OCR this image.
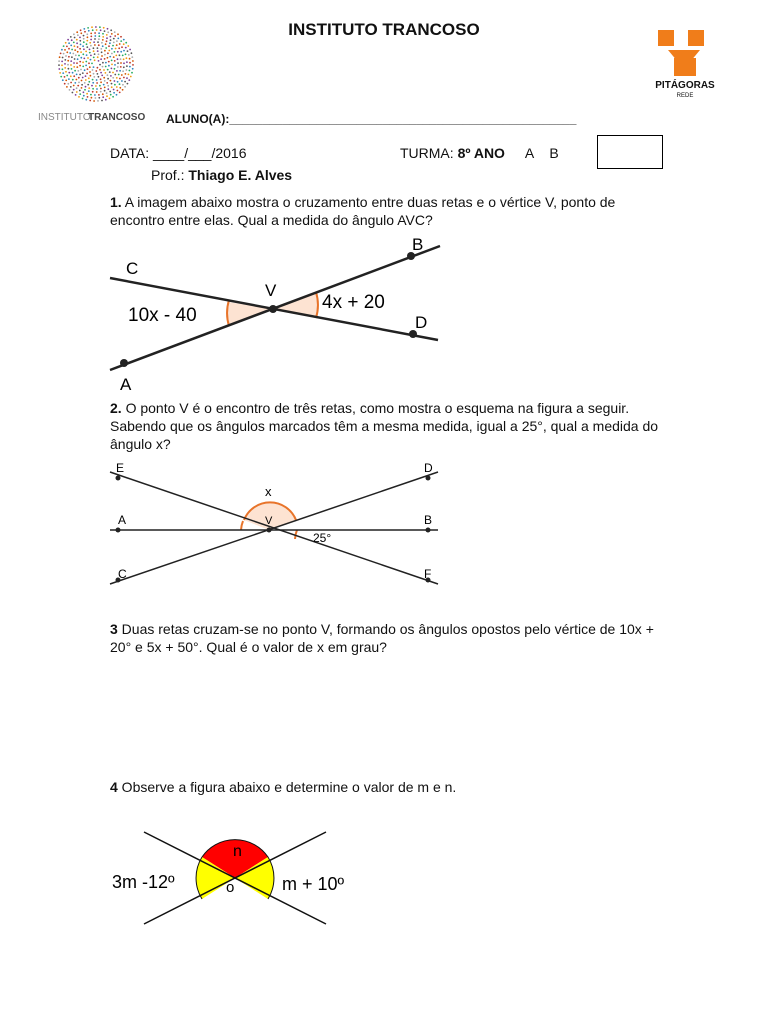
INSTITUTO TRANCOSO
INSTITUTO
TRANCOSO
PITÁGORAS
REDE
ALUNO(A):____________________________________________________
DATA: ____/___/2016	TURMA: 8º ANO A B
Prof.: Thiago E. Alves
1. A imagem abaixo mostra o cruzamento entre duas retas e o vértice V, ponto de encontro entre elas. Qual a medida do ângulo AVC?
C
B
V
D
A
10x - 40
4x + 20
2. O ponto V é o encontro de três retas, como mostra o esquema na figura a seguir. Sabendo que os ângulos marcados têm a mesma medida, igual a 25°, qual a medida do ângulo x?
E	D
A	B
C	F
V
x
25°
3 Duas retas cruzam-se no ponto V, formando os ângulos opostos pelo vértice de 10x + 20° e 5x + 50°. Qual é o valor de x em grau?
4 Observe a figura abaixo e determine o valor de m e n.
n
o
3m -12º	m + 10º
